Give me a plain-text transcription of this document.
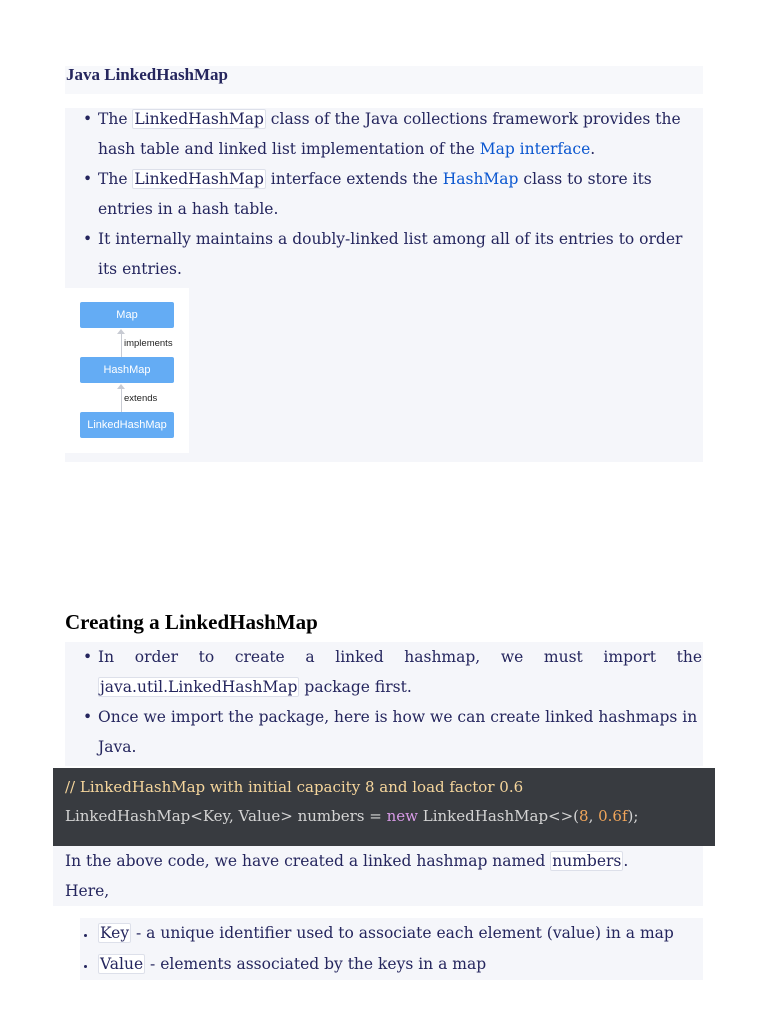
Java LinkedHashMap
• The LinkedHashMap class of the Java collections framework provides the hash table and linked list implementation of the Map interface.
• The LinkedHashMap interface extends the HashMap class to store its entries in a hash table.
• It internally maintains a doubly-linked list among all of its entries to order its entries.
Map
implements
HashMap
extends
LinkedHashMap
Creating a LinkedHashMap
• In order to create a linked hashmap, we must import the java.util.LinkedHashMap package first.
• Once we import the package, here is how we can create linked hashmaps in Java.
// LinkedHashMap with initial capacity 8 and load factor 0.6
LinkedHashMap<Key, Value> numbers = new LinkedHashMap<>(8, 0.6f);
In the above code, we have created a linked hashmap named numbers .
Here,
Key - a unique identifier used to associate each element (value) in a map
Value - elements associated by the keys in a map
